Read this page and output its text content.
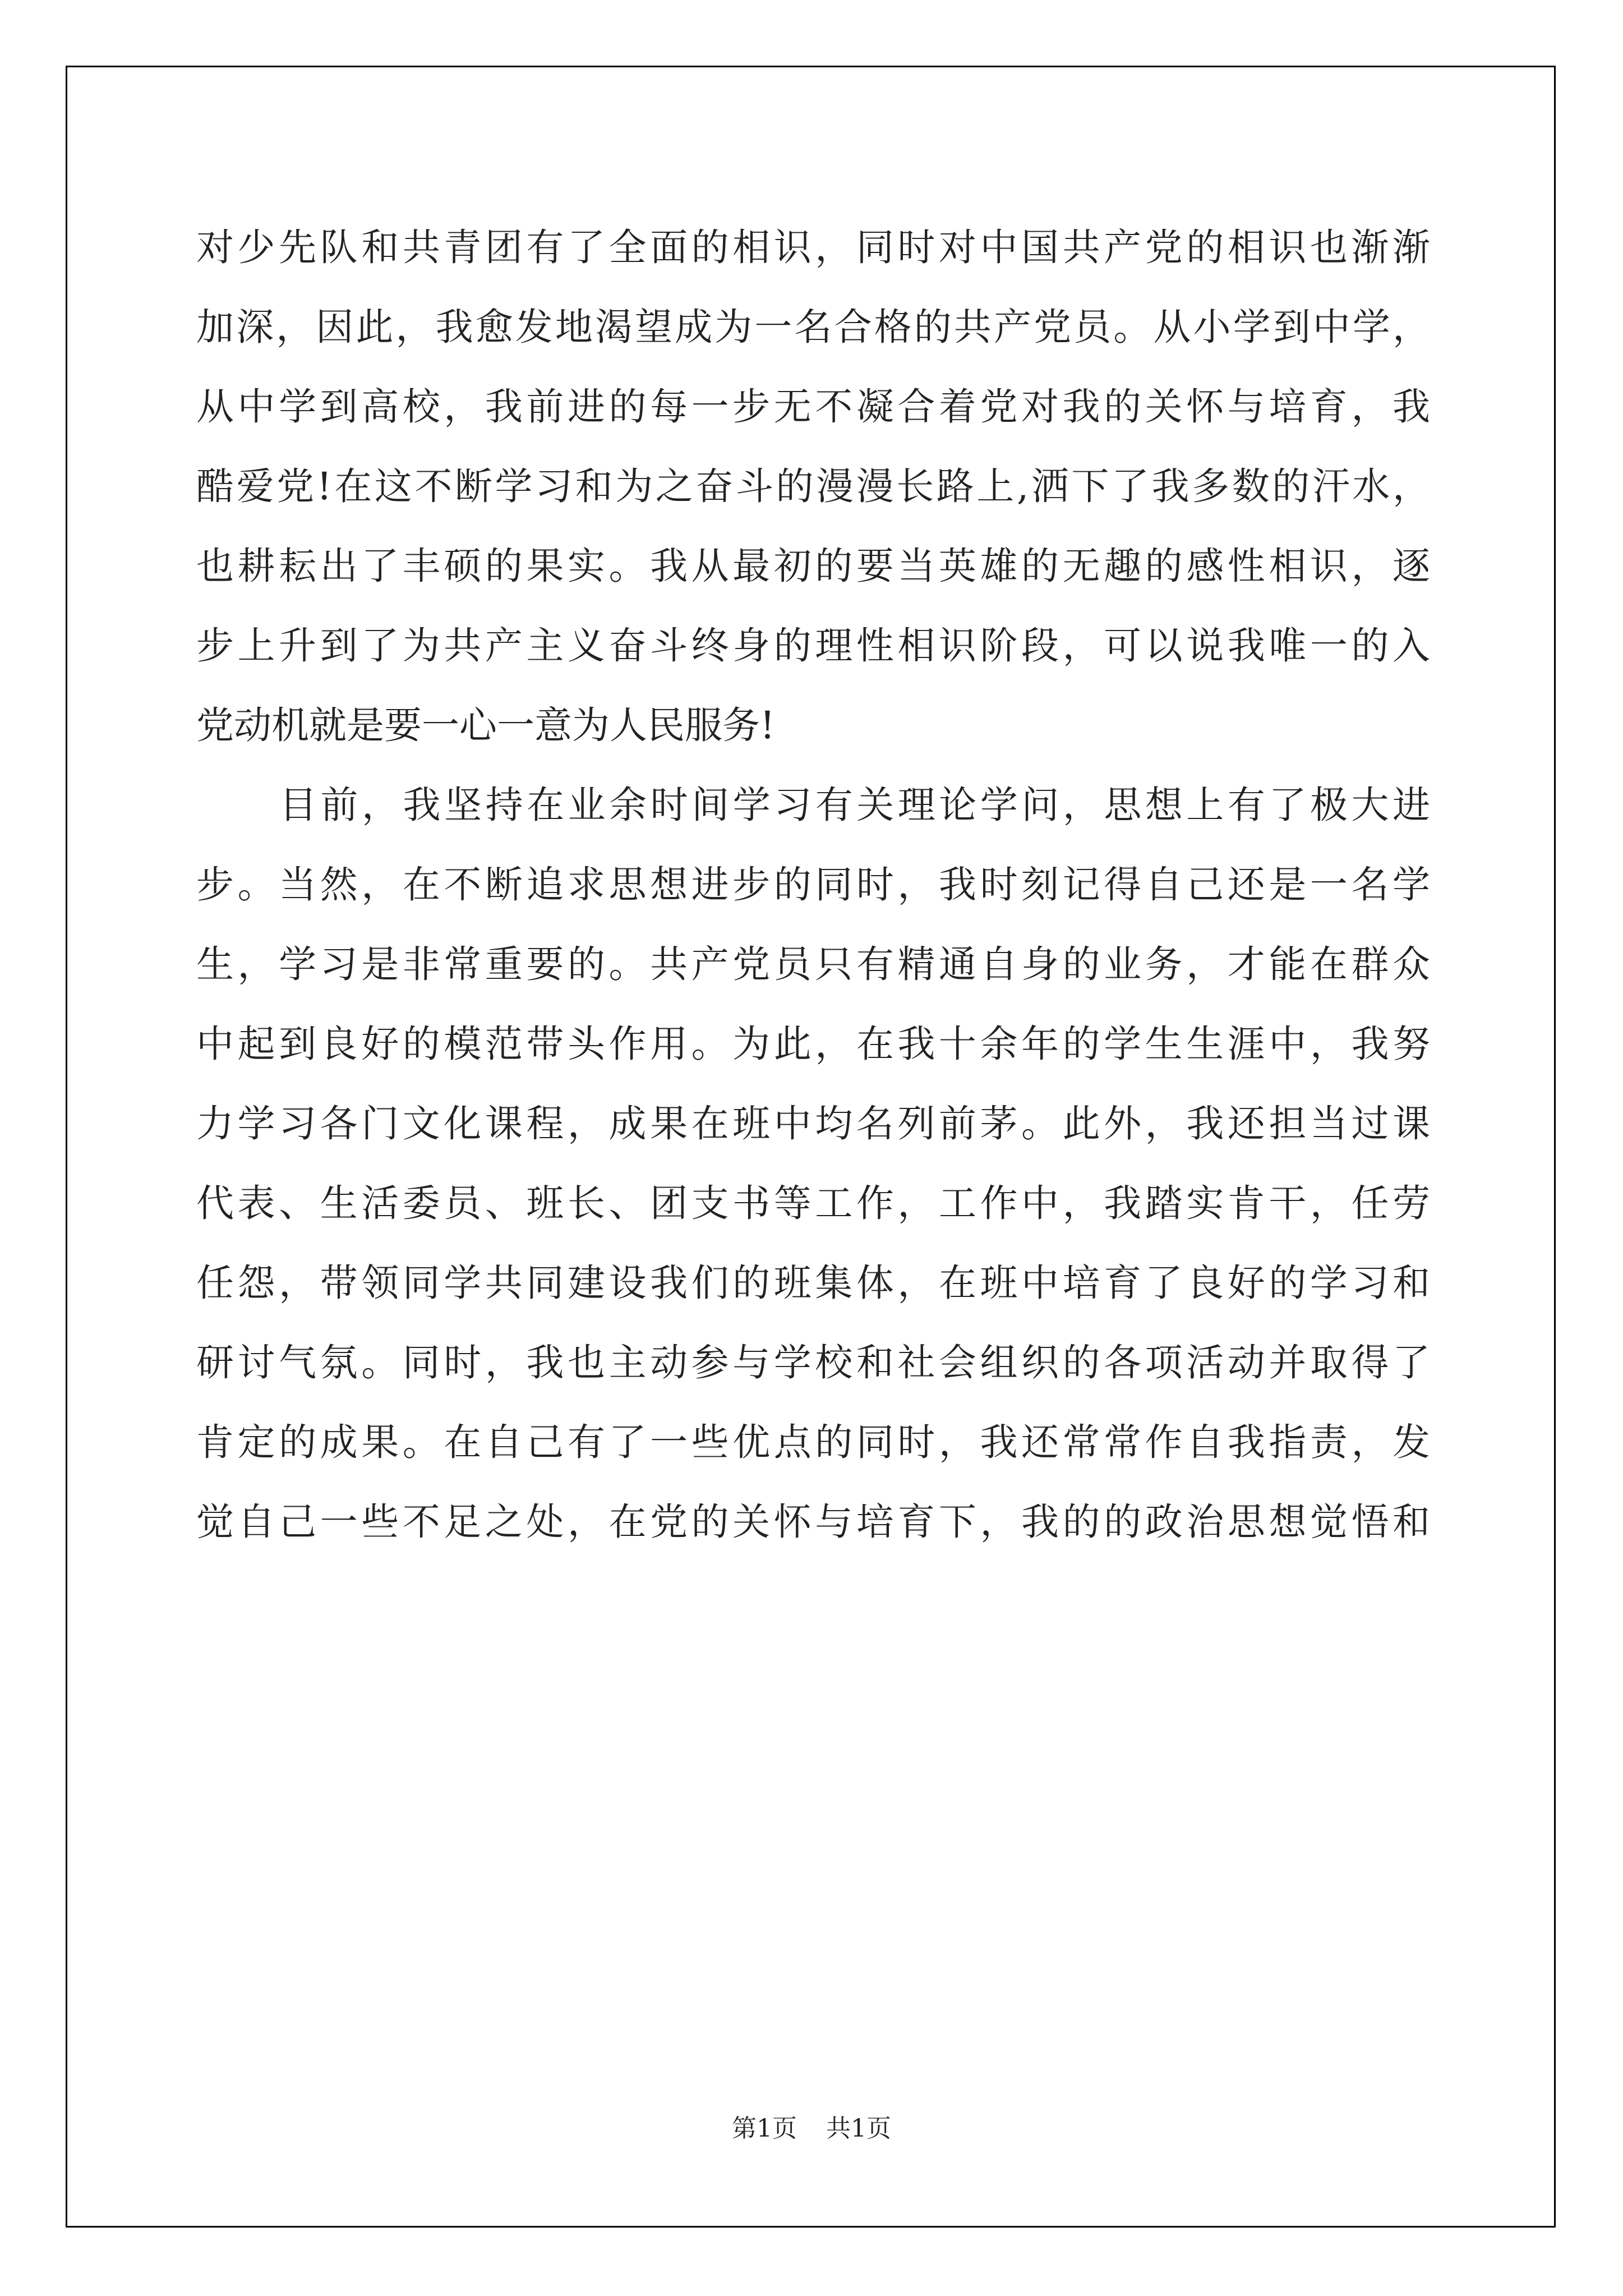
对少先队和共青团有了全面的相识，同时对中国共产党的相识也渐渐
加深，因此，我愈发地渴望成为一名合格的共产党员。从小学到中学，
从中学到高校，我前进的每一步无不凝合着党对我的关怀与培育，我
酷爱党!在这不断学习和为之奋斗的漫漫长路上,洒下了我多数的汗水，
也耕耘出了丰硕的果实。我从最初的要当英雄的无趣的感性相识，逐
步上升到了为共产主义奋斗终身的理性相识阶段，可以说我唯一的入
党动机就是要一心一意为人民服务!
目前，我坚持在业余时间学习有关理论学问，思想上有了极大进
步。当然，在不断追求思想进步的同时，我时刻记得自己还是一名学
生，学习是非常重要的。共产党员只有精通自身的业务，才能在群众
中起到良好的模范带头作用。为此，在我十余年的学生生涯中，我努
力学习各门文化课程，成果在班中均名列前茅。此外，我还担当过课
代表、生活委员、班长、团支书等工作，工作中，我踏实肯干，任劳
任怨，带领同学共同建设我们的班集体，在班中培育了良好的学习和
研讨气氛。同时，我也主动参与学校和社会组织的各项活动并取得了
肯定的成果。在自己有了一些优点的同时，我还常常作自我指责，发
觉自己一些不足之处，在党的关怀与培育下，我的的政治思想觉悟和
第1页 共1页
